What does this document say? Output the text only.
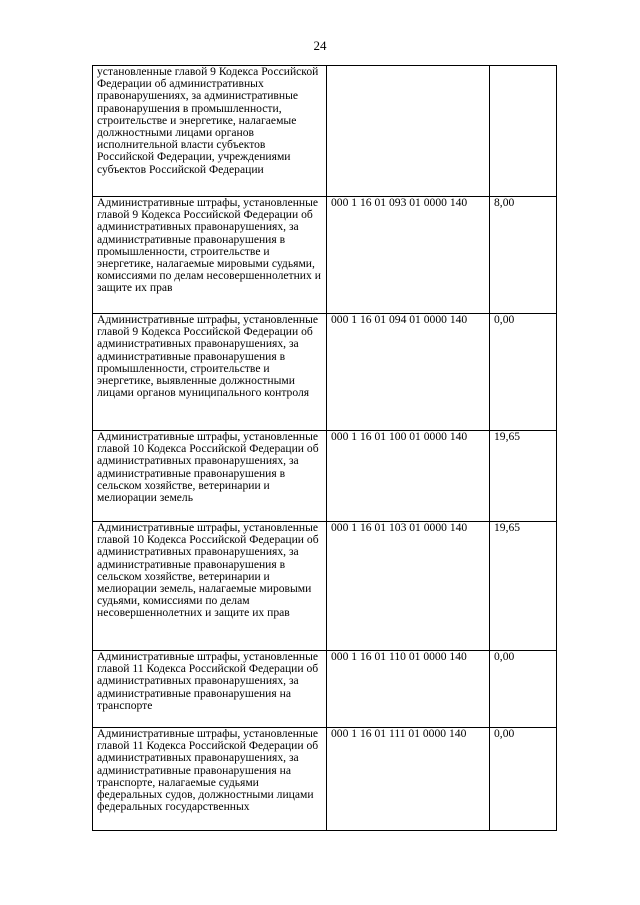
24
установленные главой 9 Кодекса Российской Федерации об административных правонарушениях, за административные правонарушения в промышленности, строительстве и энергетике, налагаемые должностными лицами органов исполнительной власти субъектов Российской Федерации, учреждениями субъектов Российской Федерации		
Административные штрафы, установленные главой 9 Кодекса Российской Федерации об административных правонарушениях, за административные правонарушения в промышленности, строительстве и энергетике, налагаемые мировыми судьями, комиссиями по делам несовершеннолетних и защите их прав	000 1 16 01 093 01 0000 140	8,00
Административные штрафы, установленные главой 9 Кодекса Российской Федерации об административных правонарушениях, за административные правонарушения в промышленности, строительстве и энергетике, выявленные должностными лицами органов муниципального контроля	000 1 16 01 094 01 0000 140	0,00
Административные штрафы, установленные главой 10 Кодекса Российской Федерации об административных правонарушениях, за административные правонарушения в сельском хозяйстве, ветеринарии и мелиорации земель	000 1 16 01 100 01 0000 140	19,65
Административные штрафы, установленные главой 10 Кодекса Российской Федерации об административных правонарушениях, за административные правонарушения в сельском хозяйстве, ветеринарии и мелиорации земель, налагаемые мировыми судьями, комиссиями по делам несовершеннолетних и защите их прав	000 1 16 01 103 01 0000 140	19,65
Административные штрафы, установленные главой 11 Кодекса Российской Федерации об административных правонарушениях, за административные правонарушения на транспорте	000 1 16 01 110 01 0000 140	0,00
Административные штрафы, установленные главой 11 Кодекса Российской Федерации об административных правонарушениях, за административные правонарушения на транспорте, налагаемые судьями федеральных судов, должностными лицами федеральных государственных	000 1 16 01 111 01 0000 140	0,00
